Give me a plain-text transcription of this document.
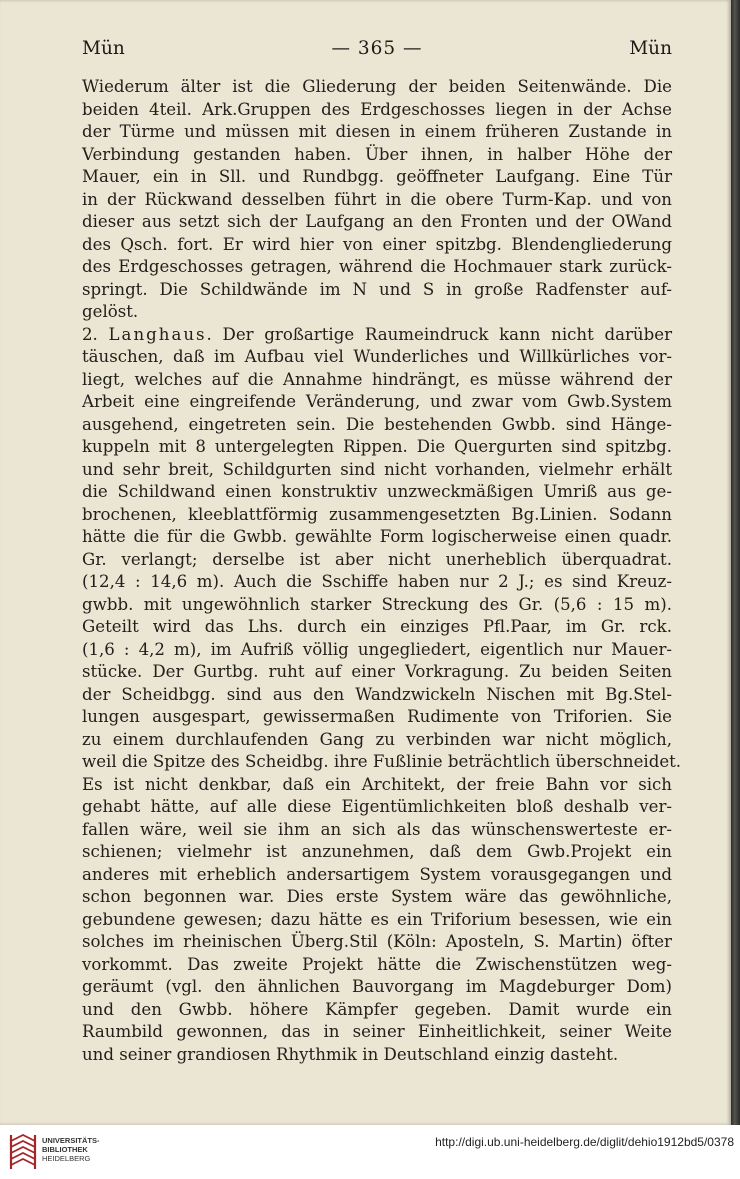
Mün	— 365 —	Mün
Wiederum älter ist die Gliederung der beiden Seitenwände. Die
beiden 4teil. Ark.Gruppen des Erdgeschosses liegen in der Achse
der Türme und müssen mit diesen in einem früheren Zustande in
Verbindung gestanden haben. Über ihnen, in halber Höhe der
Mauer, ein in Sll. und Rundbgg. geöffneter Laufgang. Eine Tür
in der Rückwand desselben führt in die obere Turm-Kap. und von
dieser aus setzt sich der Laufgang an den Fronten und der OWand
des Qsch. fort. Er wird hier von einer spitzbg. Blendengliederung
des Erdgeschosses getragen, während die Hochmauer stark zurück-
springt. Die Schildwände im N und S in große Radfenster auf-
gelöst.
2. Langhaus. Der großartige Raumeindruck kann nicht darüber
täuschen, daß im Aufbau viel Wunderliches und Willkürliches vor-
liegt, welches auf die Annahme hindrängt, es müsse während der
Arbeit eine eingreifende Veränderung, und zwar vom Gwb.System
ausgehend, eingetreten sein. Die bestehenden Gwbb. sind Hänge-
kuppeln mit 8 untergelegten Rippen. Die Quergurten sind spitzbg.
und sehr breit, Schildgurten sind nicht vorhanden, vielmehr erhält
die Schildwand einen konstruktiv unzweckmäßigen Umriß aus ge-
brochenen, kleeblattförmig zusammengesetzten Bg.Linien. Sodann
hätte die für die Gwbb. gewählte Form logischerweise einen quadr.
Gr. verlangt; derselbe ist aber nicht unerheblich überquadrat.
(12,4 : 14,6 m). Auch die Sschiffe haben nur 2 J.; es sind Kreuz-
gwbb. mit ungewöhnlich starker Streckung des Gr. (5,6 : 15 m).
Geteilt wird das Lhs. durch ein einziges Pfl.Paar, im Gr. rck.
(1,6 : 4,2 m), im Aufriß völlig ungegliedert, eigentlich nur Mauer-
stücke. Der Gurtbg. ruht auf einer Vorkragung. Zu beiden Seiten
der Scheidbgg. sind aus den Wandzwickeln Nischen mit Bg.Stel-
lungen ausgespart, gewissermaßen Rudimente von Triforien. Sie
zu einem durchlaufenden Gang zu verbinden war nicht möglich,
weil die Spitze des Scheidbg. ihre Fußlinie beträchtlich überschneidet.
Es ist nicht denkbar, daß ein Architekt, der freie Bahn vor sich
gehabt hätte, auf alle diese Eigentümlichkeiten bloß deshalb ver-
fallen wäre, weil sie ihm an sich als das wünschenswerteste er-
schienen; vielmehr ist anzunehmen, daß dem Gwb.Projekt ein
anderes mit erheblich andersartigem System vorausgegangen und
schon begonnen war. Dies erste System wäre das gewöhnliche,
gebundene gewesen; dazu hätte es ein Triforium besessen, wie ein
solches im rheinischen Überg.Stil (Köln: Aposteln, S. Martin) öfter
vorkommt. Das zweite Projekt hätte die Zwischenstützen weg-
geräumt (vgl. den ähnlichen Bauvorgang im Magdeburger Dom)
und den Gwbb. höhere Kämpfer gegeben. Damit wurde ein
Raumbild gewonnen, das in seiner Einheitlichkeit, seiner Weite
und seiner grandiosen Rhythmik in Deutschland einzig dasteht.
UNIVERSITÄTS-
BIBLIOTHEK
HEIDELBERG
http://digi.ub.uni-heidelberg.de/diglit/dehio1912bd5/0378
